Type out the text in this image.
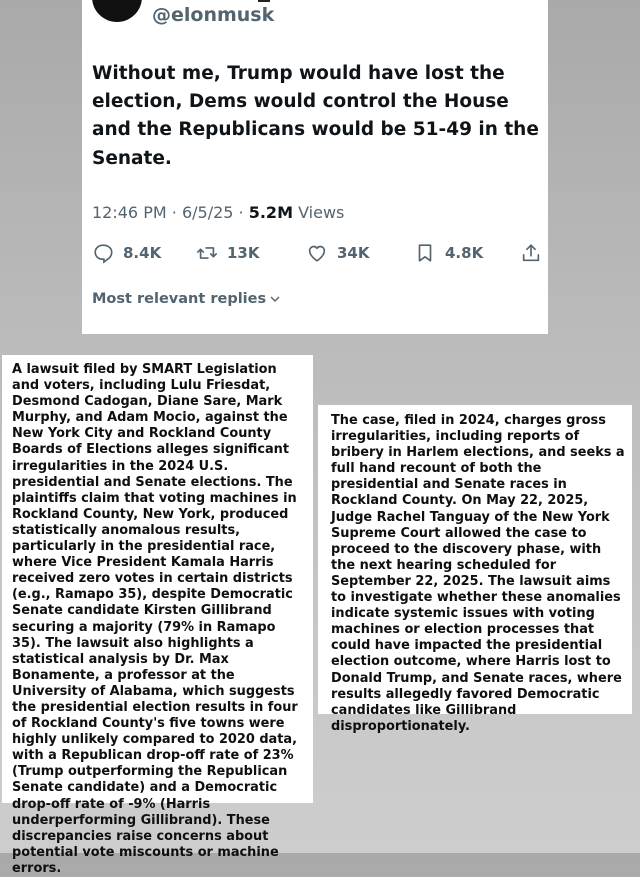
@elonmusk

Without me, Trump would have lost the election, Dems would control the House and the Republicans would be 51-49 in the Senate.

12:46 PM · 6/5/25 · 5.2M Views
8.4K	13K	34K	4.8K
Most relevant replies

A lawsuit filed by SMART Legislation and voters, including Lulu Friesdat, Desmond Cadogan, Diane Sare, Mark Murphy, and Adam Mocio, against the New York City and Rockland County Boards of Elections alleges significant irregularities in the 2024 U.S. presidential and Senate elections. The plaintiffs claim that voting machines in Rockland County, New York, produced statistically anomalous results, particularly in the presidential race, where Vice President Kamala Harris received zero votes in certain districts (e.g., Ramapo 35), despite Democratic Senate candidate Kirsten Gillibrand securing a majority (79% in Ramapo 35). The lawsuit also highlights a statistical analysis by Dr. Max Bonamente, a professor at the University of Alabama, which suggests the presidential election results in four of Rockland County's five towns were highly unlikely compared to 2020 data, with a Republican drop-off rate of 23% (Trump outperforming the Republican Senate candidate) and a Democratic drop-off rate of -9% (Harris underperforming Gillibrand). These discrepancies raise concerns about potential vote miscounts or machine errors.

The case, filed in 2024, charges gross irregularities, including reports of bribery in Harlem elections, and seeks a full hand recount of both the presidential and Senate races in Rockland County. On May 22, 2025, Judge Rachel Tanguay of the New York Supreme Court allowed the case to proceed to the discovery phase, with the next hearing scheduled for September 22, 2025. The lawsuit aims to investigate whether these anomalies indicate systemic issues with voting machines or election processes that could have impacted the presidential election outcome, where Harris lost to Donald Trump, and Senate races, where results allegedly favored Democratic candidates like Gillibrand disproportionately.
